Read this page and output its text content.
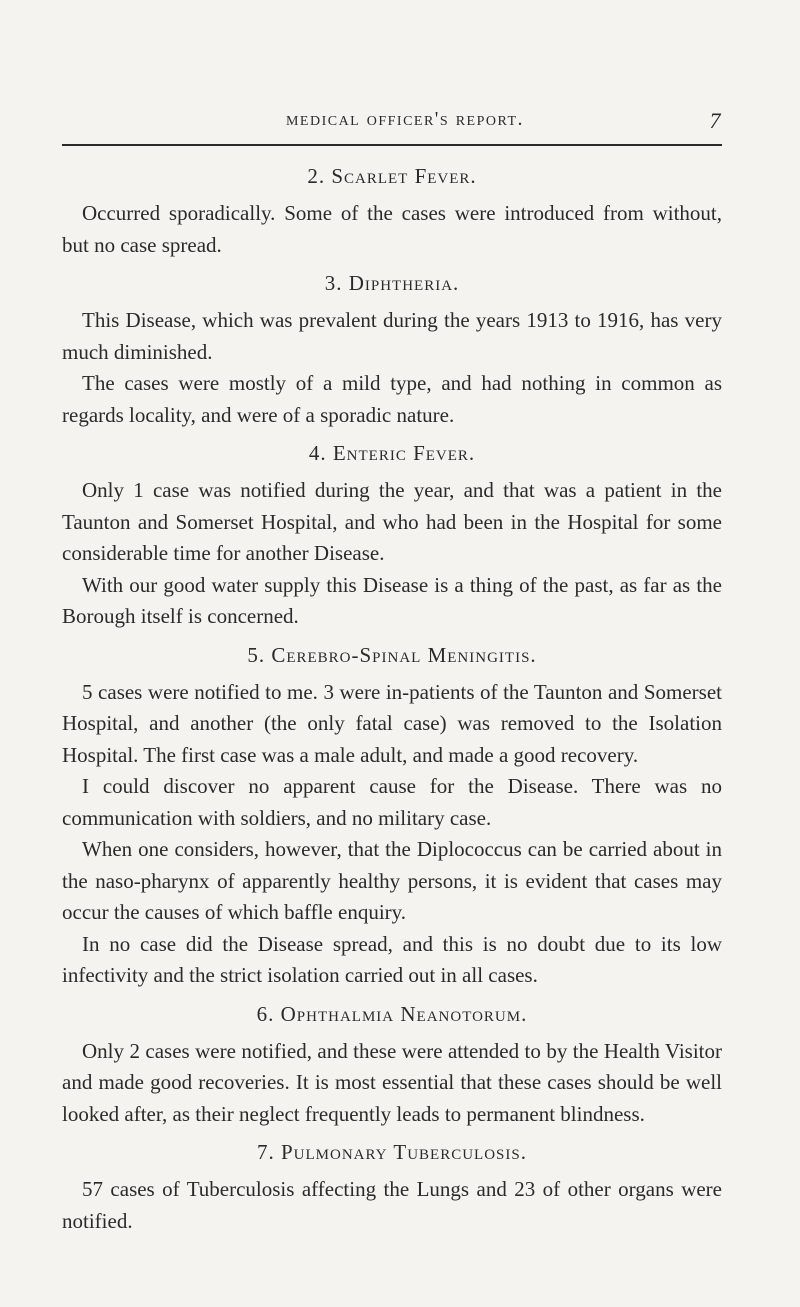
medical officer's report.	7
2. Scarlet Fever.

Occurred sporadically. Some of the cases were introduced from without, but no case spread.

3. Diphtheria.

This Disease, which was prevalent during the years 1913 to 1916, has very much diminished.

The cases were mostly of a mild type, and had nothing in common as regards locality, and were of a sporadic nature.

4. Enteric Fever.

Only 1 case was notified during the year, and that was a patient in the Taunton and Somerset Hospital, and who had been in the Hospital for some considerable time for another Disease.

With our good water supply this Disease is a thing of the past, as far as the Borough itself is concerned.

5. Cerebro-Spinal Meningitis.

5 cases were notified to me. 3 were in-patients of the Taunton and Somerset Hospital, and another (the only fatal case) was removed to the Isolation Hospital. The first case was a male adult, and made a good recovery.

I could discover no apparent cause for the Disease. There was no communication with soldiers, and no military case.

When one considers, however, that the Diplococcus can be carried about in the naso-pharynx of apparently healthy persons, it is evident that cases may occur the causes of which baffle enquiry.

In no case did the Disease spread, and this is no doubt due to its low infectivity and the strict isolation carried out in all cases.

6. Ophthalmia Neanotorum.

Only 2 cases were notified, and these were attended to by the Health Visitor and made good recoveries. It is most essential that these cases should be well looked after, as their neglect frequently leads to permanent blindness.

7. Pulmonary Tuberculosis.

57 cases of Tuberculosis affecting the Lungs and 23 of other organs were notified.
